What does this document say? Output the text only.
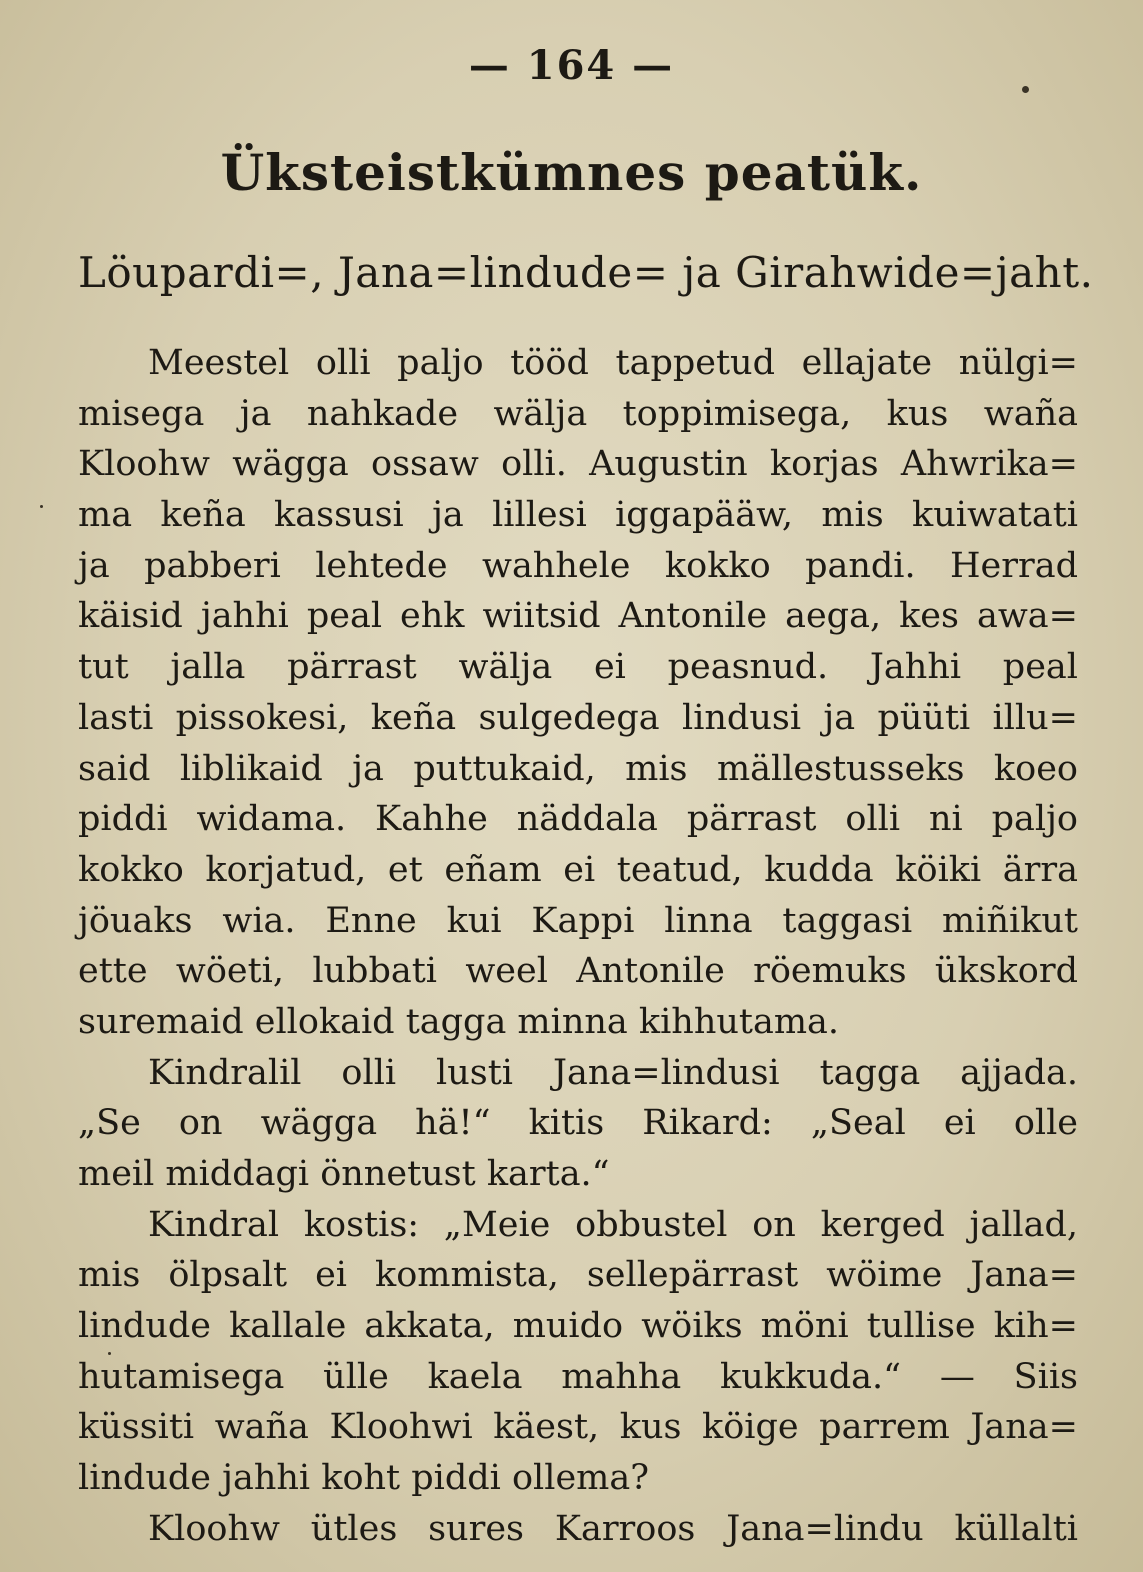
— 164 —
Üksteistkümnes peatük.
Löupardi=, Jana=lindude= ja Girahwide=jaht.
Meestel olli paljo tööd tappetud ellajate nülgi=
misega ja nahkade wälja toppimisega, kus waña
Kloohw wägga ossaw olli. Augustin korjas Ahwrika=
ma keña kassusi ja lillesi iggapääw, mis kuiwatati
ja pabberi lehtede wahhele kokko pandi. Herrad
käisid jahhi peal ehk wiitsid Antonile aega, kes awa=
tut jalla pärrast wälja ei peasnud. Jahhi peal
lasti pissokesi, keña sulgedega lindusi ja püüti illu=
said liblikaid ja puttukaid, mis mällestusseks koeo
piddi widama. Kahhe näddala pärrast olli ni paljo
kokko korjatud, et eñam ei teatud, kudda köiki ärra
jöuaks wia. Enne kui Kappi linna taggasi miñikut
ette wöeti, lubbati weel Antonile röemuks ükskord
suremaid ellokaid tagga minna kihhutama.
Kindralil olli lusti Jana=lindusi tagga ajjada.
„Se on wägga hä!“ kitis Rikard: „Seal ei olle
meil middagi önnetust karta.“
Kindral kostis: „Meie obbustel on kerged jallad,
mis ölpsalt ei kommista, sellepärrast wöime Jana=
lindude kallale akkata, muido wöiks möni tullise kih=
hutamisega ülle kaela mahha kukkuda.“ — Siis
küssiti waña Kloohwi käest, kus köige parrem Jana=
lindude jahhi koht piddi ollema?
Kloohw ütles sures Karroos Jana=lindu küllalti
